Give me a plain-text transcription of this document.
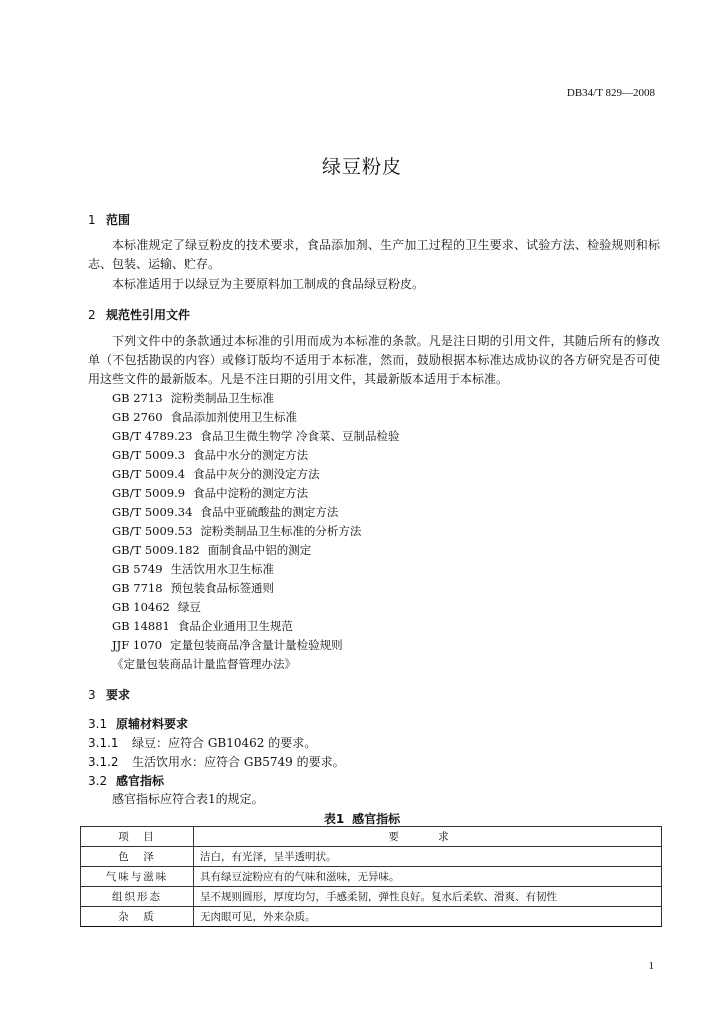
DB34/T 829—2008
绿豆粉皮
1 范围
本标准规定了绿豆粉皮的技术要求，食品添加剂、生产加工过程的卫生要求、试验方法、检验规则和标志、包装、运输、贮存。
本标准适用于以绿豆为主要原料加工制成的食品绿豆粉皮。
2 规范性引用文件
下列文件中的条款通过本标准的引用而成为本标准的条款。凡是注日期的引用文件，其随后所有的修改单（不包括勘误的内容）或修订版均不适用于本标准，然而，鼓励根据本标准达成协议的各方研究是否可使用这些文件的最新版本。凡是不注日期的引用文件，其最新版本适用于本标准。
GB 2713 淀粉类制品卫生标准
GB 2760 食品添加剂使用卫生标准
GB/T 4789.23 食品卫生微生物学 冷食菜、豆制品检验
GB/T 5009.3 食品中水分的测定方法
GB/T 5009.4 食品中灰分的测没定方法
GB/T 5009.9 食品中淀粉的测定方法
GB/T 5009.34 食品中亚硫酸盐的测定方法
GB/T 5009.53 淀粉类制品卫生标准的分析方法
GB/T 5009.182 面制食品中铝的测定
GB 5749 生活饮用水卫生标准
GB 7718 预包装食品标签通则
GB 10462 绿豆
GB 14881 食品企业通用卫生规范
JJF 1070 定量包装商品净含量计量检验规则
《定量包装商品计量监督管理办法》
3 要求
3.1 原辅材料要求
3.1.1 绿豆：应符合 GB10462 的要求。
3.1.2 生活饮用水：应符合 GB5749 的要求。
3.2 感官指标
感官指标应符合表1的规定。
表1 感官指标
项　目	要 求
色　泽	洁白，有光泽，呈半透明状。
气味与滋味	具有绿豆淀粉应有的气味和滋味，无异味。
组织形态	呈不规则圆形，厚度均匀，手感柔韧，弹性良好。复水后柔软、滑爽、有韧性
杂　质	无肉眼可见，外来杂质。
1
